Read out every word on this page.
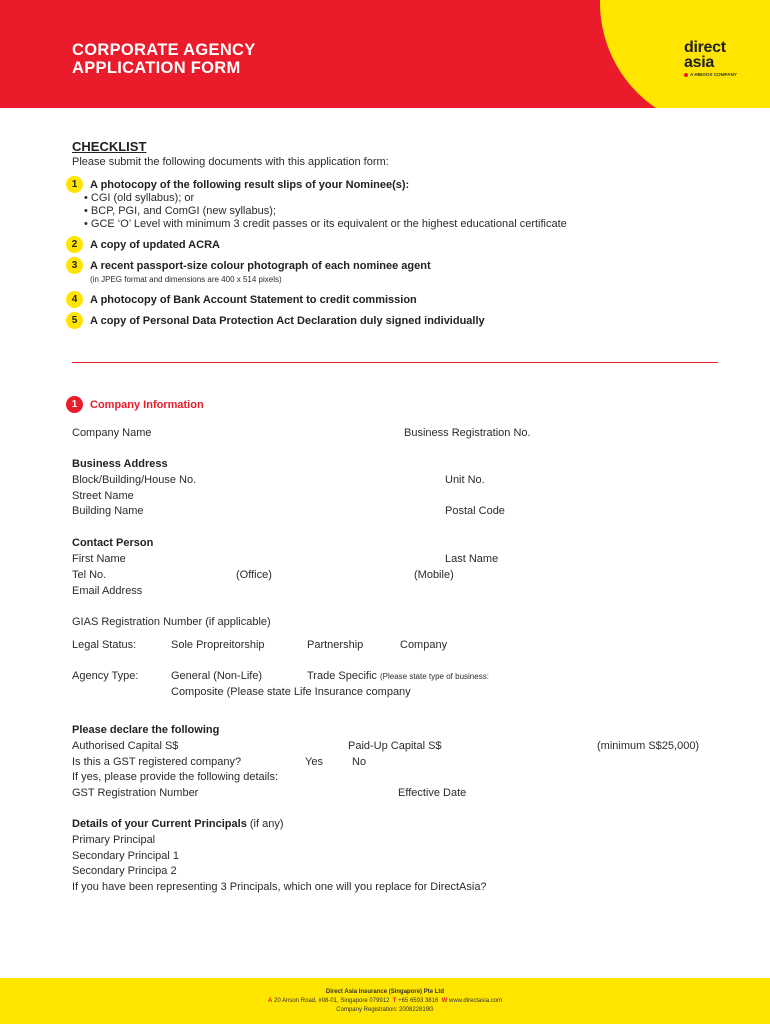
CORPORATE AGENCY
APPLICATION FORM
direct
asia
A HIBOOX COMPANY
CHECKLIST
Please submit the following documents with this application form:
1	A photocopy of the following result slips of your Nominee(s):
• CGI (old syllabus); or
• BCP, PGI, and ComGI (new syllabus);
• GCE ‘O’ Level with minimum 3 credit passes or its equivalent or the highest educational certificate
2	A copy of updated ACRA
3	A recent passport-size colour photograph of each nominee agent
(in JPEG format and dimensions are 400 x 514 pixels)
4	A photocopy of Bank Account Statement to credit commission
5	A copy of Personal Data Protection Act Declaration duly signed individually
1	Company Information
Company Name	Business Registration No.
Business Address
Block/Building/House No.	Unit No.
Street Name
Building Name	Postal Code
Contact Person
First Name	Last Name
Tel No.	(Office)	(Mobile)
Email Address
GIAS Registration Number (if applicable)
Legal Status:	Sole Propreitorship	Partnership	Company
Agency Type:	General (Non-Life)	Trade Specific (Please state type of business:
Composite (Please state Life Insurance company
Please declare the following
Authorised Capital S$	Paid-Up Capital S$	(minimum S$25,000)
Is this a GST registered company?	Yes	No
If yes, please provide the following details:
GST Registration Number	Effective Date
Details of your Current Principals (if any)
Primary Principal
Secondary Principal 1
Secondary Principa 2
If you have been representing 3 Principals, which one will you replace for DirectAsia?
Direct Asia Insurance (Singapore) Pte Ltd
A 20 Anson Road, #08-01, Singapore 079912 T +65 6593 3816 W www.directasia.com
Company Registration: 200822819G
